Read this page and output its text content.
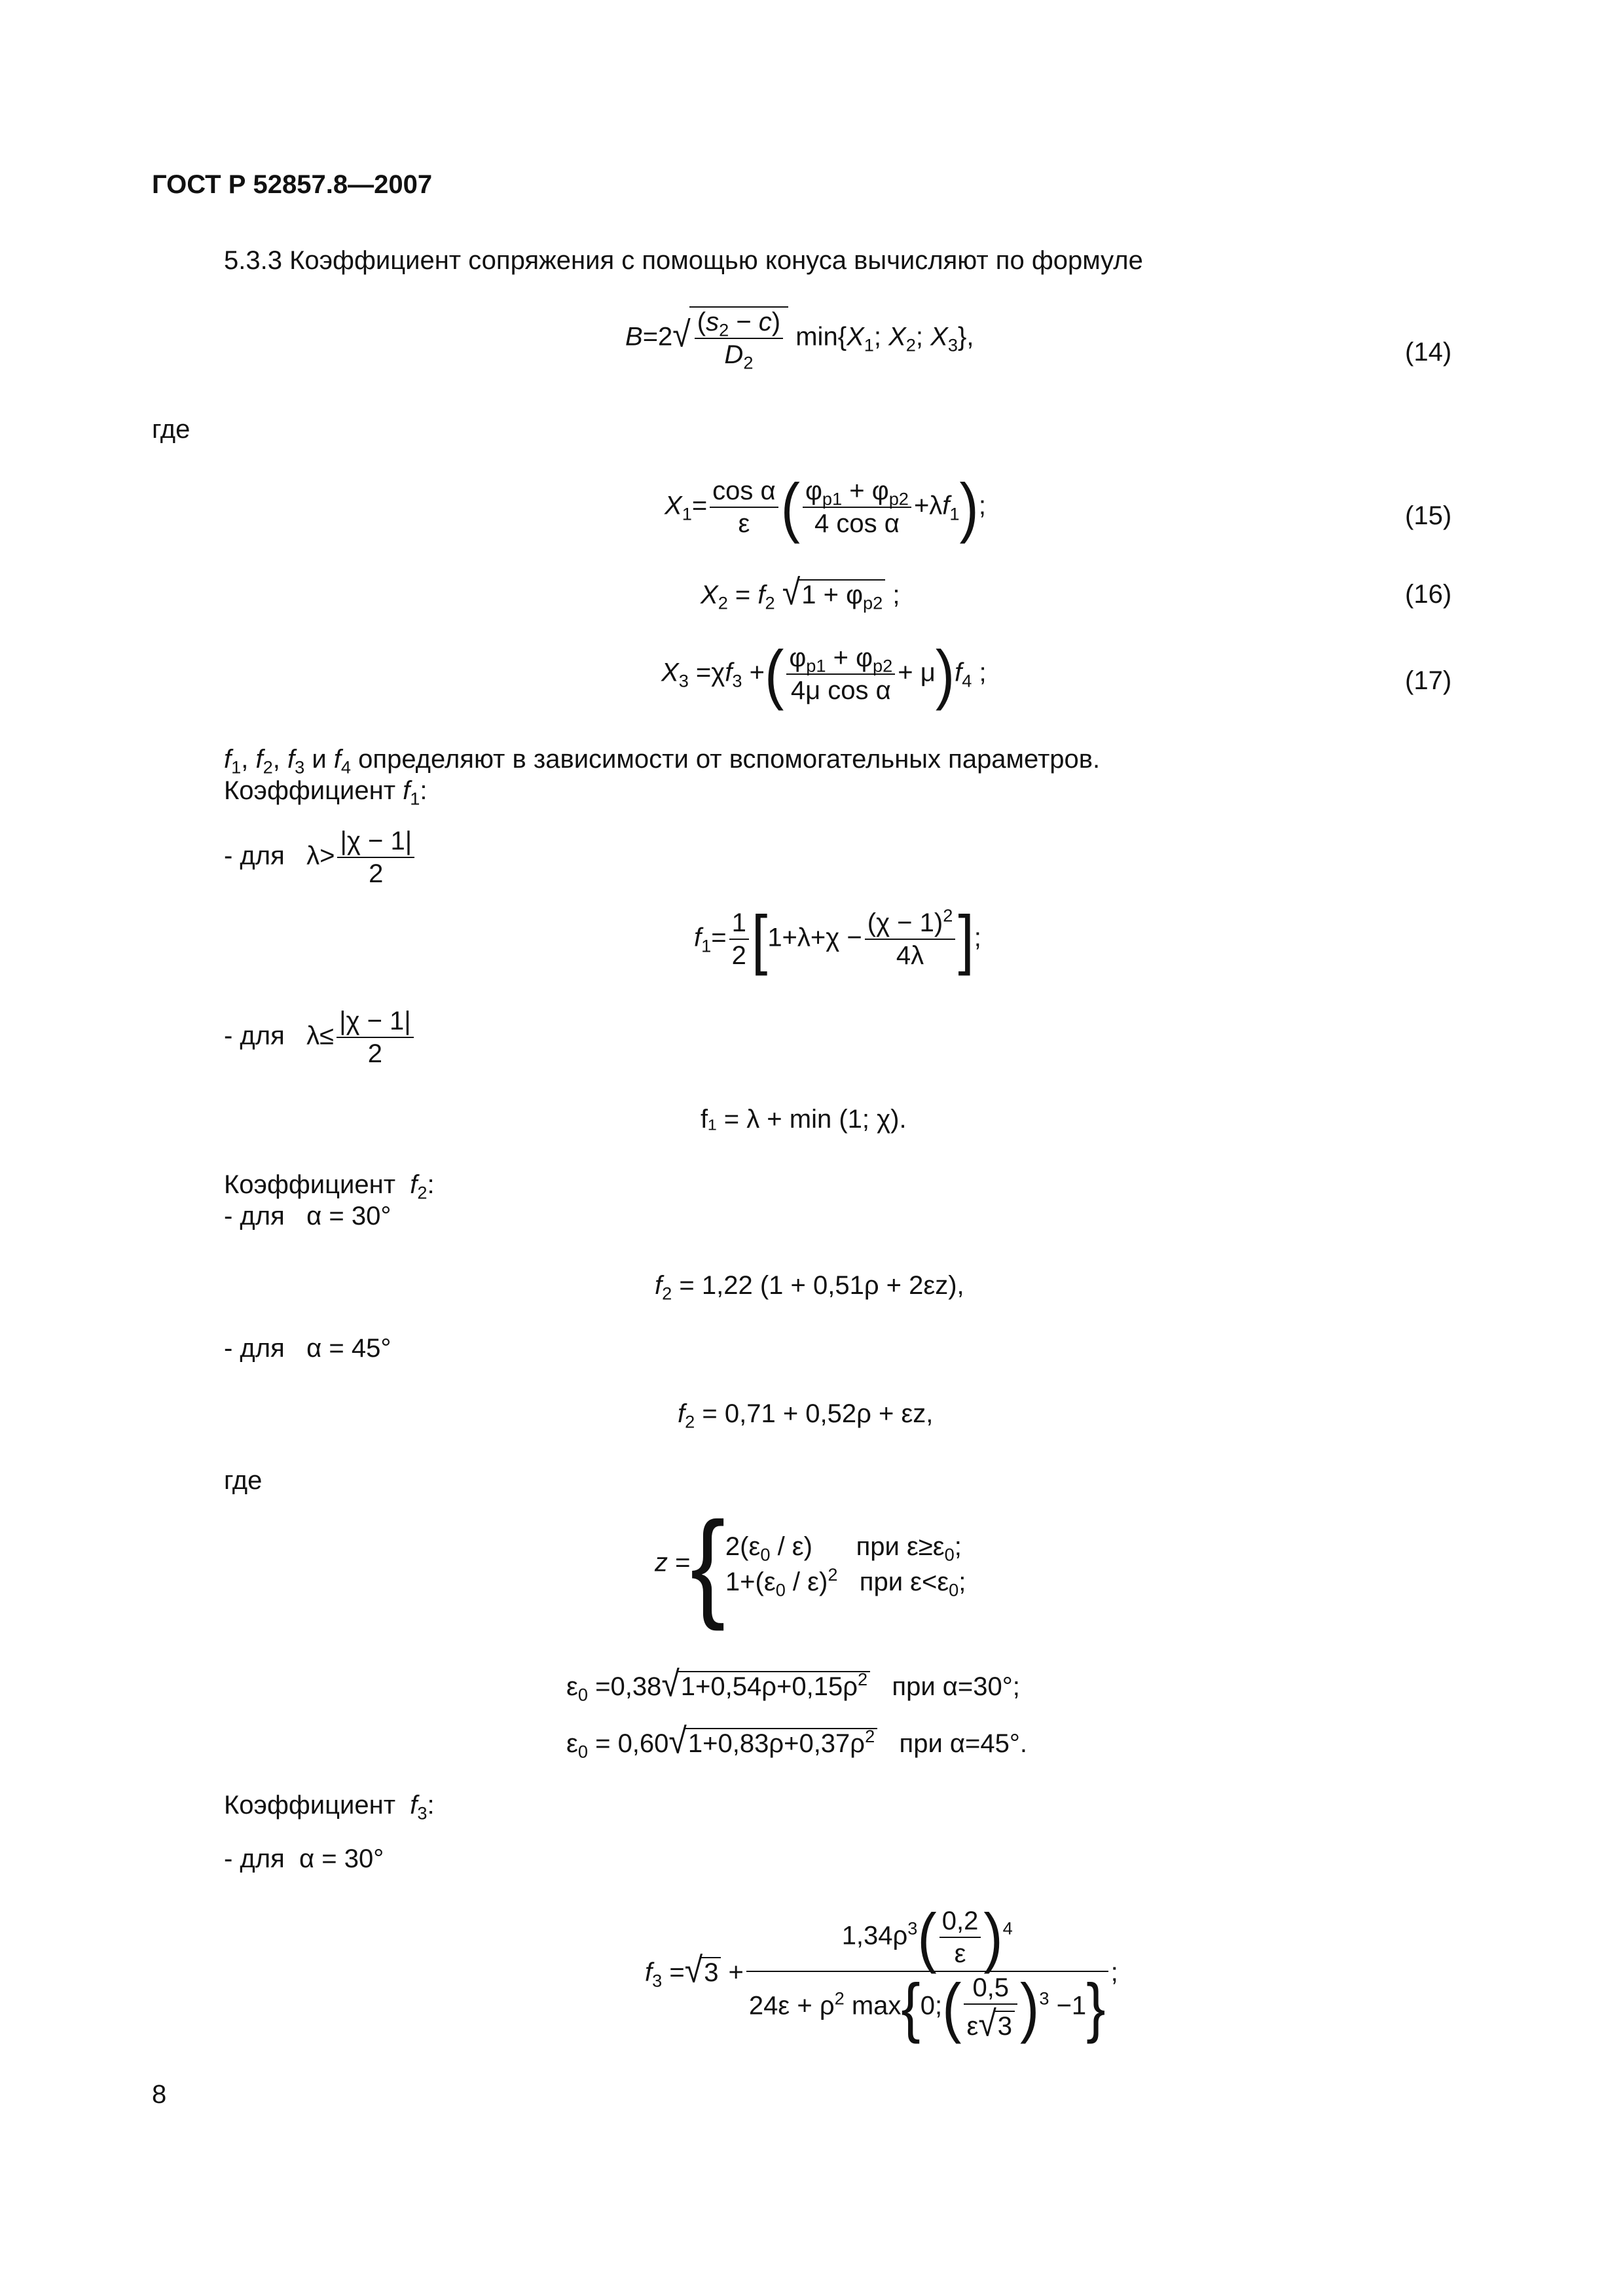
ГОСТ Р 52857.8—2007
5.3.3 Коэффициент сопряжения с помощью конуса вычисляют по формуле
$B=2√ \frac{(s_2 - c)}{D_2} \min\{X_1$; $X_2$; $X_3$},
(14)
где
$X_1= \frac{\text{cos α}}{\varepsilon}$ ( $\frac{\varphi_{p1} + \varphi_{p2}}{\text{4 cos α}} +\lambda f_1$);	(15)
$X_2 = f_2$ $√1 + \varphi_{p2}$ ;	(16)
$X_3 =\chi f_3$ +( $\frac{\varphi_{p1} + \varphi_{p2}}{\text{4μ cos α}} + \mu)f_4$ ;	(17)
$f_1$, $f_2$, $f_3$ и $f_4$ определяют в зависимости от вспомогательных параметров.
Коэффициент $f_1$:
- для   $\lambda> \frac{|\chi - 1|}{2}$
$f_1= \frac{1}{2} [1+\lambda+\chi - \frac{(\chi - 1)^2}{4\lambda}$ ];
- для   $\lambda\le \frac{|\chi - 1|}{2}$
f₁ = λ + min (1; χ).
Коэффициент $f_2$:
- для α = 30°
$f_2 = 1,22$ (1 + 0,51ρ + 2εz),
- для α = 45°
$f_2 = 0,71 + 0,52\rho + \varepsilon z$,
где
z ={ $2(\varepsilon_0 / \varepsilon)$      при $\varepsilon\ge\varepsilon_0$;
$1+(\varepsilon_0 / \varepsilon)^2$ при $\varepsilon<\varepsilon_0$;
$\varepsilon_0 =0,38√1+0,54\rho+0,15\rho^2$ при α=30°;
$\varepsilon_0 = 0,60√1+0,83\rho+0,37\rho^2$ при α=45°.
Коэффициент $f_3$:
- для α = 30°
$f_3 =√3 + \frac{1,34\rho^3( \frac{0,2}{\varepsilon} )^4}{24\varepsilon + \rho^2 \max\{0;( \frac{0,5}{\varepsilon√3} )^3 -1\}}$ ;
8
